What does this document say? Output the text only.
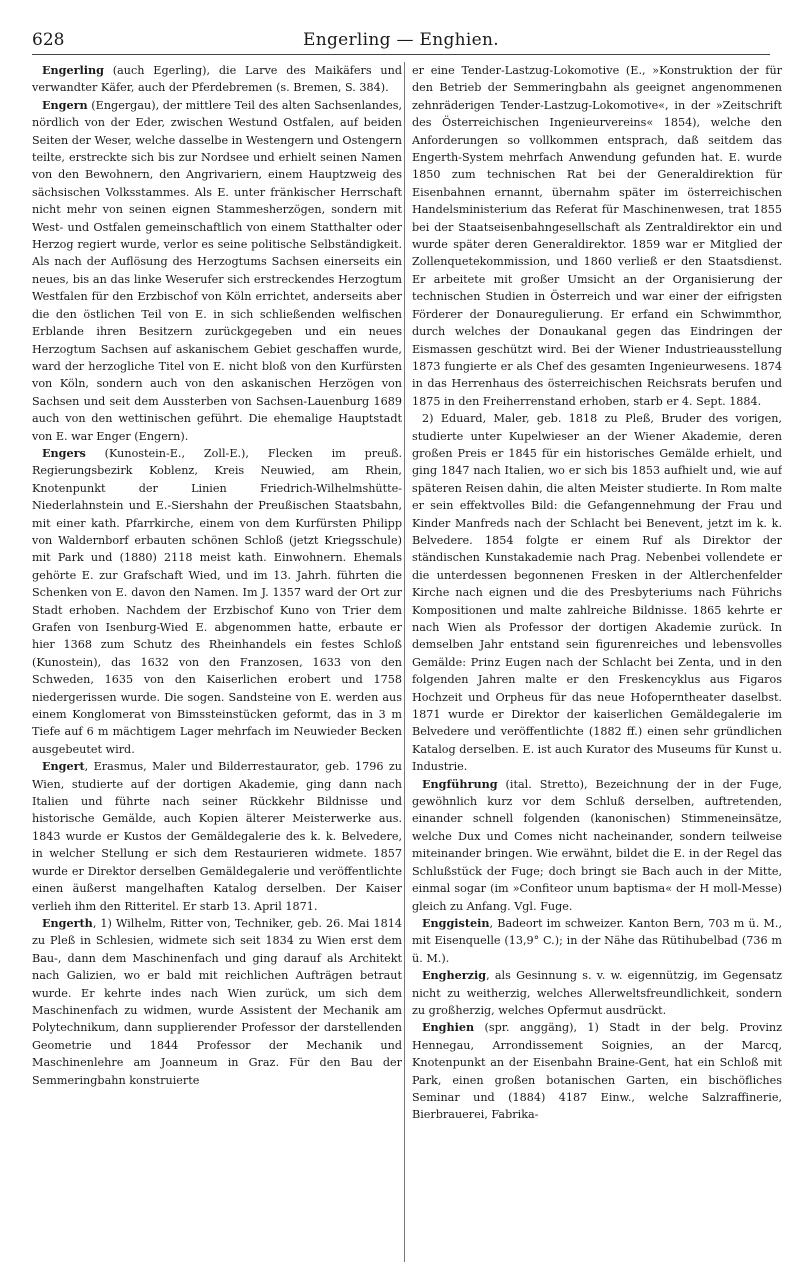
628	Engerling — Enghien.

Engerling (auch Egerling), die Larve des Maikäfers und verwandter Käfer, auch der Pferdebremen (s. Bremen, S. 384).

Engern (Engergau), der mittlere Teil des alten Sachsenlandes, nördlich von der Eder, zwischen Westund Ostfalen, auf beiden Seiten der Weser, welche dasselbe in Westengern und Ostengern teilte, erstreckte sich bis zur Nordsee und erhielt seinen Namen von den Bewohnern, den Angrivariern, einem Hauptzweig des sächsischen Volksstammes. Als E. unter fränkischer Herrschaft nicht mehr von seinen eignen Stammesherzögen, sondern mit West- und Ostfalen gemeinschaftlich von einem Statthalter oder Herzog regiert wurde, verlor es seine politische Selbständigkeit. Als nach der Auflösung des Herzogtums Sachsen einerseits ein neues, bis an das linke Weserufer sich erstreckendes Herzogtum Westfalen für den Erzbischof von Köln errichtet, anderseits aber die den östlichen Teil von E. in sich schließenden welfischen Erblande ihren Besitzern zurückgegeben und ein neues Herzogtum Sachsen auf askanischem Gebiet geschaffen wurde, ward der herzogliche Titel von E. nicht bloß von den Kurfürsten von Köln, sondern auch von den askanischen Herzögen von Sachsen und seit dem Aussterben von Sachsen-Lauenburg 1689 auch von den wettinischen geführt. Die ehemalige Hauptstadt von E. war Enger (Engern).

Engers (Kunostein-E., Zoll-E.), Flecken im preuß. Regierungsbezirk Koblenz, Kreis Neuwied, am Rhein, Knotenpunkt der Linien Friedrich-Wilhelmshütte-Niederlahnstein und E.-Siershahn der Preußischen Staatsbahn, mit einer kath. Pfarrkirche, einem von dem Kurfürsten Philipp von Waldernborf erbauten schönen Schloß (jetzt Kriegsschule) mit Park und (1880) 2118 meist kath. Einwohnern. Ehemals gehörte E. zur Grafschaft Wied, und im 13. Jahrh. führten die Schenken von E. davon den Namen. Im J. 1357 ward der Ort zur Stadt erhoben. Nachdem der Erzbischof Kuno von Trier dem Grafen von Isenburg-Wied E. abgenommen hatte, erbaute er hier 1368 zum Schutz des Rheinhandels ein festes Schloß (Kunostein), das 1632 von den Franzosen, 1633 von den Schweden, 1635 von den Kaiserlichen erobert und 1758 niedergerissen wurde. Die sogen. Sandsteine von E. werden aus einem Konglomerat von Bimssteinstücken geformt, das in 3 m Tiefe auf 6 m mächtigem Lager mehrfach im Neuwieder Becken ausgebeutet wird.

Engert, Erasmus, Maler und Bilderrestaurator, geb. 1796 zu Wien, studierte auf der dortigen Akademie, ging dann nach Italien und führte nach seiner Rückkehr Bildnisse und historische Gemälde, auch Kopien älterer Meisterwerke aus. 1843 wurde er Kustos der Gemäldegalerie des k. k. Belvedere, in welcher Stellung er sich dem Restaurieren widmete. 1857 wurde er Direktor derselben Gemäldegalerie und veröffentlichte einen äußerst mangelhaften Katalog derselben. Der Kaiser verlieh ihm den Ritteritel. Er starb 13. April 1871.

Engerth, 1) Wilhelm, Ritter von, Techniker, geb. 26. Mai 1814 zu Pleß in Schlesien, widmete sich seit 1834 zu Wien erst dem Bau-, dann dem Maschinenfach und ging darauf als Architekt nach Galizien, wo er bald mit reichlichen Aufträgen betraut wurde. Er kehrte indes nach Wien zurück, um sich dem Maschinenfach zu widmen, wurde Assistent der Mechanik am Polytechnikum, dann supplierender Professor der darstellenden Geometrie und 1844 Professor der Mechanik und Maschinenlehre am Joanneum in Graz. Für den Bau der Semmeringbahn konstruierte

er eine Tender-Lastzug-Lokomotive (E., »Konstruktion der für den Betrieb der Semmeringbahn als geeignet angenommenen zehnräderigen Tender-Lastzug-Lokomotive«, in der »Zeitschrift des Österreichischen Ingenieurvereins« 1854), welche den Anforderungen so vollkommen entsprach, daß seitdem das Engerth-System mehrfach Anwendung gefunden hat. E. wurde 1850 zum technischen Rat bei der Generaldirektion für Eisenbahnen ernannt, übernahm später im österreichischen Handelsministerium das Referat für Maschinenwesen, trat 1855 bei der Staatseisenbahngesellschaft als Zentraldirektor ein und wurde später deren Generaldirektor. 1859 war er Mitglied der Zollenquetekommission, und 1860 verließ er den Staatsdienst. Er arbeitete mit großer Umsicht an der Organisierung der technischen Studien in Österreich und war einer der eifrigsten Förderer der Donauregulierung. Er erfand ein Schwimmthor, durch welches der Donaukanal gegen das Eindringen der Eismassen geschützt wird. Bei der Wiener Industrieausstellung 1873 fungierte er als Chef des gesamten Ingenieurwesens. 1874 in das Herrenhaus des österreichischen Reichsrats berufen und 1875 in den Freiherrenstand erhoben, starb er 4. Sept. 1884.

2) Eduard, Maler, geb. 1818 zu Pleß, Bruder des vorigen, studierte unter Kupelwieser an der Wiener Akademie, deren großen Preis er 1845 für ein historisches Gemälde erhielt, und ging 1847 nach Italien, wo er sich bis 1853 aufhielt und, wie auf späteren Reisen dahin, die alten Meister studierte. In Rom malte er sein effektvolles Bild: die Gefangennehmung der Frau und Kinder Manfreds nach der Schlacht bei Benevent, jetzt im k. k. Belvedere. 1854 folgte er einem Ruf als Direktor der ständischen Kunstakademie nach Prag. Nebenbei vollendete er die unterdessen begonnenen Fresken in der Altlerchenfelder Kirche nach eignen und die des Presbyteriums nach Führichs Kompositionen und malte zahlreiche Bildnisse. 1865 kehrte er nach Wien als Professor der dortigen Akademie zurück. In demselben Jahr entstand sein figurenreiches und lebensvolles Gemälde: Prinz Eugen nach der Schlacht bei Zenta, und in den folgenden Jahren malte er den Freskencyklus aus Figaros Hochzeit und Orpheus für das neue Hofoperntheater daselbst. 1871 wurde er Direktor der kaiserlichen Gemäldegalerie im Belvedere und veröffentlichte (1882 ff.) einen sehr gründlichen Katalog derselben. E. ist auch Kurator des Museums für Kunst u. Industrie.

Engführung (ital. Stretto), Bezeichnung der in der Fuge, gewöhnlich kurz vor dem Schluß derselben, auftretenden, einander schnell folgenden (kanonischen) Stimmeneinsätze, welche Dux und Comes nicht nacheinander, sondern teilweise miteinander bringen. Wie erwähnt, bildet die E. in der Regel das Schlußstück der Fuge; doch bringt sie Bach auch in der Mitte, einmal sogar (im »Confiteor unum baptisma« der H moll-Messe) gleich zu Anfang. Vgl. Fuge.

Enggistein, Badeort im schweizer. Kanton Bern, 703 m ü. M., mit Eisenquelle (13,9° C.); in der Nähe das Rütihubelbad (736 m ü. M.).

Engherzig, als Gesinnung s. v. w. eigennützig, im Gegensatz nicht zu weitherzig, welches Allerweltsfreundlichkeit, sondern zu großherzig, welches Opfermut ausdrückt.

Enghien (spr. anggäng), 1) Stadt in der belg. Provinz Hennegau, Arrondissement Soignies, an der Marcq, Knotenpunkt an der Eisenbahn Braine-Gent, hat ein Schloß mit Park, einen großen botanischen Garten, ein bischöfliches Seminar und (1884) 4187 Einw., welche Salzraffinerie, Bierbrauerei, Fabrika-
